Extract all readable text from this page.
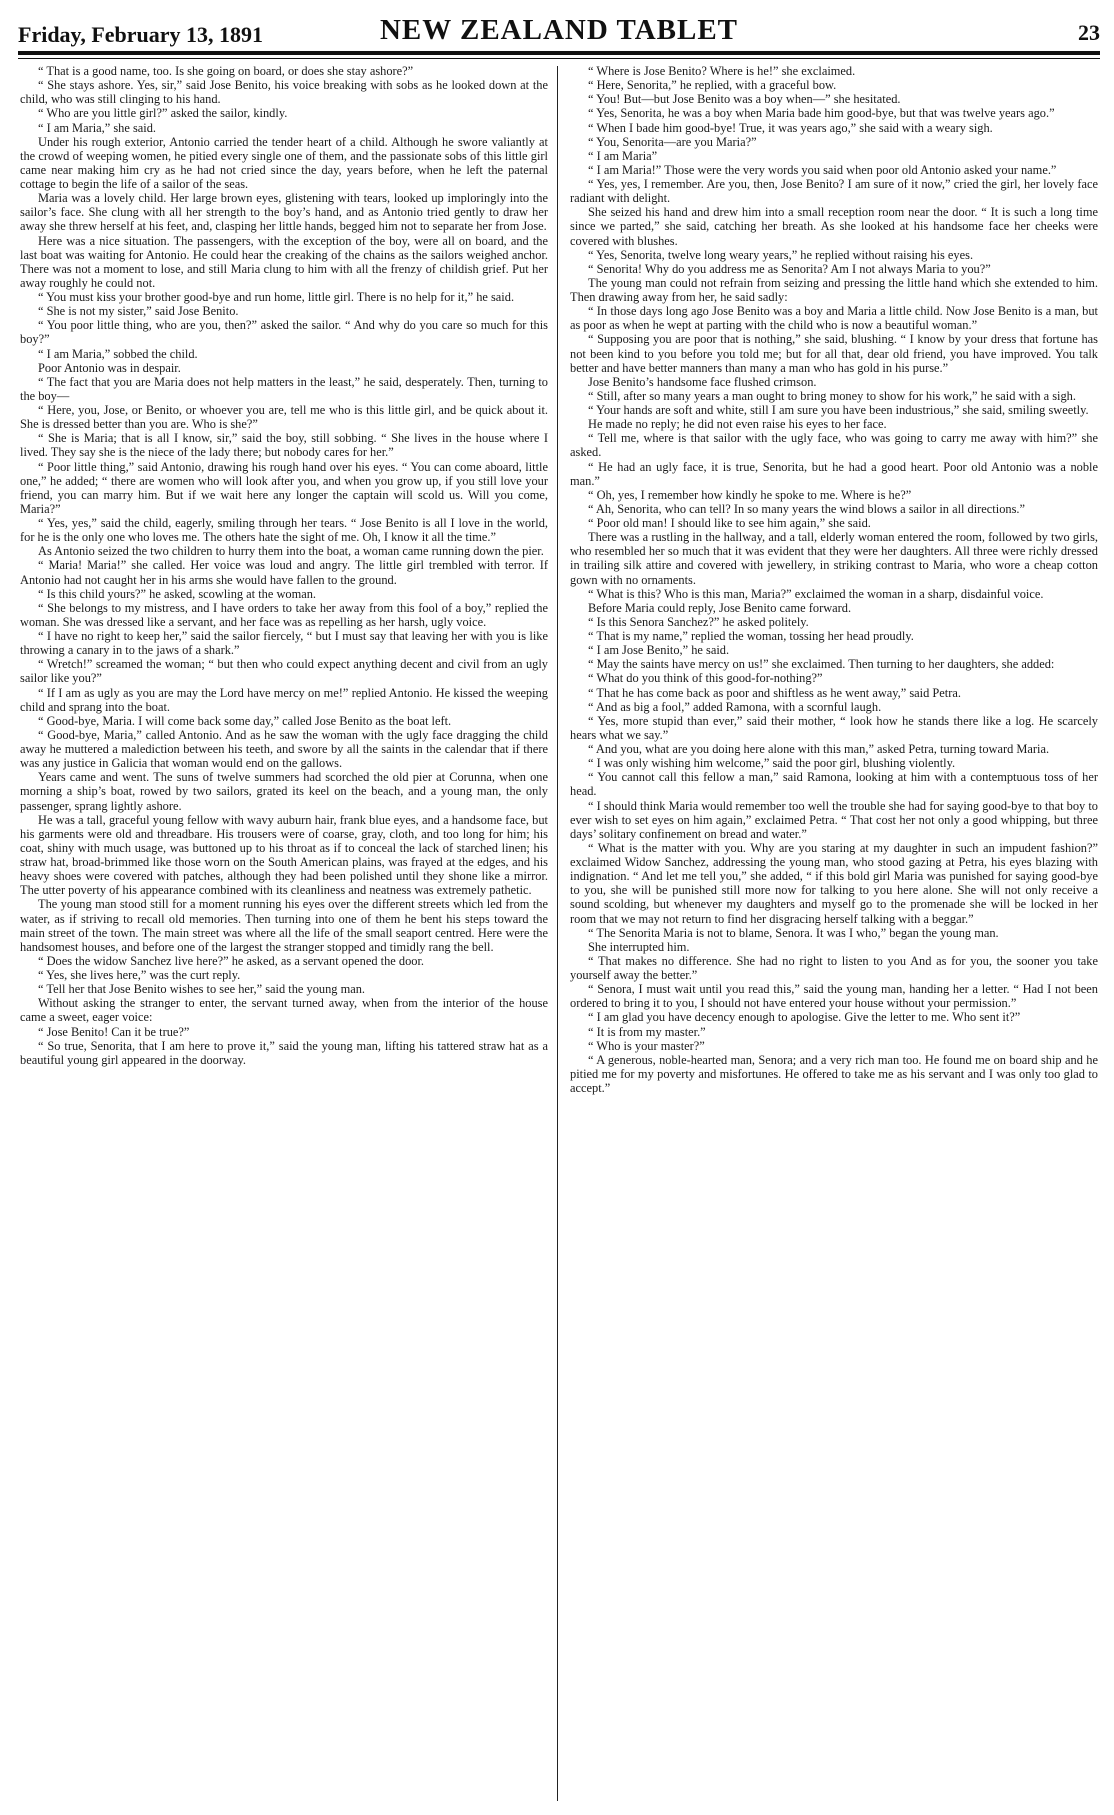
Friday, February 13, 1891	NEW ZEALAND TABLET	23

“ That is a good name, too. Is she going on board, or does she stay ashore?”

“ She stays ashore. Yes, sir,” said Jose Benito, his voice breaking with sobs as he looked down at the child, who was still clinging to his hand.

“ Who are you little girl?” asked the sailor, kindly.

“ I am Maria,” she said.

Under his rough exterior, Antonio carried the tender heart of a child. Although he swore valiantly at the crowd of weeping women, he pitied every single one of them, and the passionate sobs of this little girl came near making him cry as he had not cried since the day, years before, when he left the paternal cottage to begin the life of a sailor of the seas.

Maria was a lovely child. Her large brown eyes, glistening with tears, looked up imploringly into the sailor’s face. She clung with all her strength to the boy’s hand, and as Antonio tried gently to draw her away she threw herself at his feet, and, clasping her little hands, begged him not to separate her from Jose.

Here was a nice situation. The passengers, with the exception of the boy, were all on board, and the last boat was waiting for Antonio. He could hear the creaking of the chains as the sailors weighed anchor. There was not a moment to lose, and still Maria clung to him with all the frenzy of childish grief. Put her away roughly he could not.

“ You must kiss your brother good-bye and run home, little girl. There is no help for it,” he said.

“ She is not my sister,” said Jose Benito.

“ You poor little thing, who are you, then?” asked the sailor. “ And why do you care so much for this boy?”

“ I am Maria,” sobbed the child.

Poor Antonio was in despair.

“ The fact that you are Maria does not help matters in the least,” he said, desperately. Then, turning to the boy—

“ Here, you, Jose, or Benito, or whoever you are, tell me who is this little girl, and be quick about it. She is dressed better than you are. Who is she?”

“ She is Maria; that is all I know, sir,” said the boy, still sobbing. “ She lives in the house where I lived. They say she is the niece of the lady there; but nobody cares for her.”

“ Poor little thing,” said Antonio, drawing his rough hand over his eyes. “ You can come aboard, little one,” he added; “ there are women who will look after you, and when you grow up, if you still love your friend, you can marry him. But if we wait here any longer the captain will scold us. Will you come, Maria?”

“ Yes, yes,” said the child, eagerly, smiling through her tears. “ Jose Benito is all I love in the world, for he is the only one who loves me. The others hate the sight of me. Oh, I know it all the time.”

As Antonio seized the two children to hurry them into the boat, a woman came running down the pier.

“ Maria! Maria!” she called. Her voice was loud and angry. The little girl trembled with terror. If Antonio had not caught her in his arms she would have fallen to the ground.

“ Is this child yours?” he asked, scowling at the woman.

“ She belongs to my mistress, and I have orders to take her away from this fool of a boy,” replied the woman. She was dressed like a servant, and her face was as repelling as her harsh, ugly voice.

“ I have no right to keep her,” said the sailor fiercely, “ but I must say that leaving her with you is like throwing a canary in to the jaws of a shark.”

“ Wretch!” screamed the woman; “ but then who could expect anything decent and civil from an ugly sailor like you?”

“ If I am as ugly as you are may the Lord have mercy on me!” replied Antonio. He kissed the weeping child and sprang into the boat.

“ Good-bye, Maria. I will come back some day,” called Jose Benito as the boat left.

“ Good-bye, Maria,” called Antonio. And as he saw the woman with the ugly face dragging the child away he muttered a malediction between his teeth, and swore by all the saints in the calendar that if there was any justice in Galicia that woman would end on the gallows.

Years came and went. The suns of twelve summers had scorched the old pier at Corunna, when one morning a ship’s boat, rowed by two sailors, grated its keel on the beach, and a young man, the only passenger, sprang lightly ashore.

He was a tall, graceful young fellow with wavy auburn hair, frank blue eyes, and a handsome face, but his garments were old and threadbare. His trousers were of coarse, gray, cloth, and too long for him; his coat, shiny with much usage, was buttoned up to his throat as if to conceal the lack of starched linen; his straw hat, broad-brimmed like those worn on the South American plains, was frayed at the edges, and his heavy shoes were covered with patches, although they had been polished until they shone like a mirror. The utter poverty of his appearance combined with its cleanliness and neatness was extremely pathetic.

The young man stood still for a moment running his eyes over the different streets which led from the water, as if striving to recall old memories. Then turning into one of them he bent his steps toward the main street of the town. The main street was where all the life of the small seaport centred. Here were the handsomest houses, and before one of the largest the stranger stopped and timidly rang the bell.

“ Does the widow Sanchez live here?” he asked, as a servant opened the door.

“ Yes, she lives here,” was the curt reply.

“ Tell her that Jose Benito wishes to see her,” said the young man.

Without asking the stranger to enter, the servant turned away, when from the interior of the house came a sweet, eager voice:

“ Jose Benito! Can it be true?”

“ So true, Senorita, that I am here to prove it,” said the young man, lifting his tattered straw hat as a beautiful young girl appeared in the doorway.

“ Where is Jose Benito? Where is he!” she exclaimed.

“ Here, Senorita,” he replied, with a graceful bow.

“ You! But—but Jose Benito was a boy when—” she hesitated.

“ Yes, Senorita, he was a boy when Maria bade him good-bye, but that was twelve years ago.”

“ When I bade him good-bye! True, it was years ago,” she said with a weary sigh.

“ You, Senorita—are you Maria?”

“ I am Maria”

“ I am Maria!” Those were the very words you said when poor old Antonio asked your name.”

“ Yes, yes, I remember. Are you, then, Jose Benito? I am sure of it now,” cried the girl, her lovely face radiant with delight.

She seized his hand and drew him into a small reception room near the door. “ It is such a long time since we parted,” she said, catching her breath. As she looked at his handsome face her cheeks were covered with blushes.

“ Yes, Senorita, twelve long weary years,” he replied without raising his eyes.

“ Senorita! Why do you address me as Senorita? Am I not always Maria to you?”

The young man could not refrain from seizing and pressing the little hand which she extended to him. Then drawing away from her, he said sadly:

“ In those days long ago Jose Benito was a boy and Maria a little child. Now Jose Benito is a man, but as poor as when he wept at parting with the child who is now a beautiful woman.”

“ Supposing you are poor that is nothing,” she said, blushing. “ I know by your dress that fortune has not been kind to you before you told me; but for all that, dear old friend, you have improved. You talk better and have better manners than many a man who has gold in his purse.”

Jose Benito’s handsome face flushed crimson.

“ Still, after so many years a man ought to bring money to show for his work,” he said with a sigh.

“ Your hands are soft and white, still I am sure you have been industrious,” she said, smiling sweetly.

He made no reply; he did not even raise his eyes to her face.

“ Tell me, where is that sailor with the ugly face, who was going to carry me away with him?” she asked.

“ He had an ugly face, it is true, Senorita, but he had a good heart. Poor old Antonio was a noble man.”

“ Oh, yes, I remember how kindly he spoke to me. Where is he?”

“ Ah, Senorita, who can tell? In so many years the wind blows a sailor in all directions.”

“ Poor old man! I should like to see him again,” she said.

There was a rustling in the hallway, and a tall, elderly woman entered the room, followed by two girls, who resembled her so much that it was evident that they were her daughters. All three were richly dressed in trailing silk attire and covered with jewellery, in striking contrast to Maria, who wore a cheap cotton gown with no ornaments.

“ What is this? Who is this man, Maria?” exclaimed the woman in a sharp, disdainful voice.

Before Maria could reply, Jose Benito came forward.

“ Is this Senora Sanchez?” he asked politely.

“ That is my name,” replied the woman, tossing her head proudly.

“ I am Jose Benito,” he said.

“ May the saints have mercy on us!” she exclaimed. Then turning to her daughters, she added:

“ What do you think of this good-for-nothing?”

“ That he has come back as poor and shiftless as he went away,” said Petra.

“ And as big a fool,” added Ramona, with a scornful laugh.

“ Yes, more stupid than ever,” said their mother, “ look how he stands there like a log. He scarcely hears what we say.”

“ And you, what are you doing here alone with this man,” asked Petra, turning toward Maria.

“ I was only wishing him welcome,” said the poor girl, blushing violently.

“ You cannot call this fellow a man,” said Ramona, looking at him with a contemptuous toss of her head.

“ I should think Maria would remember too well the trouble she had for saying good-bye to that boy to ever wish to set eyes on him again,” exclaimed Petra. “ That cost her not only a good whipping, but three days’ solitary confinement on bread and water.”

“ What is the matter with you. Why are you staring at my daughter in such an impudent fashion?” exclaimed Widow Sanchez, addressing the young man, who stood gazing at Petra, his eyes blazing with indignation. “ And let me tell you,” she added, “ if this bold girl Maria was punished for saying good-bye to you, she will be punished still more now for talking to you here alone. She will not only receive a sound scolding, but whenever my daughters and myself go to the promenade she will be locked in her room that we may not return to find her disgracing herself talking with a beggar.”

“ The Senorita Maria is not to blame, Senora. It was I who,” began the young man.

She interrupted him.

“ That makes no difference. She had no right to listen to you And as for you, the sooner you take yourself away the better.”

“ Senora, I must wait until you read this,” said the young man, handing her a letter. “ Had I not been ordered to bring it to you, I should not have entered your house without your permission.”

“ I am glad you have decency enough to apologise. Give the letter to me. Who sent it?”

“ It is from my master.”

“ Who is your master?”

“ A generous, noble-hearted man, Senora; and a very rich man too. He found me on board ship and he pitied me for my poverty and misfortunes. He offered to take me as his servant and I was only too glad to accept.”
